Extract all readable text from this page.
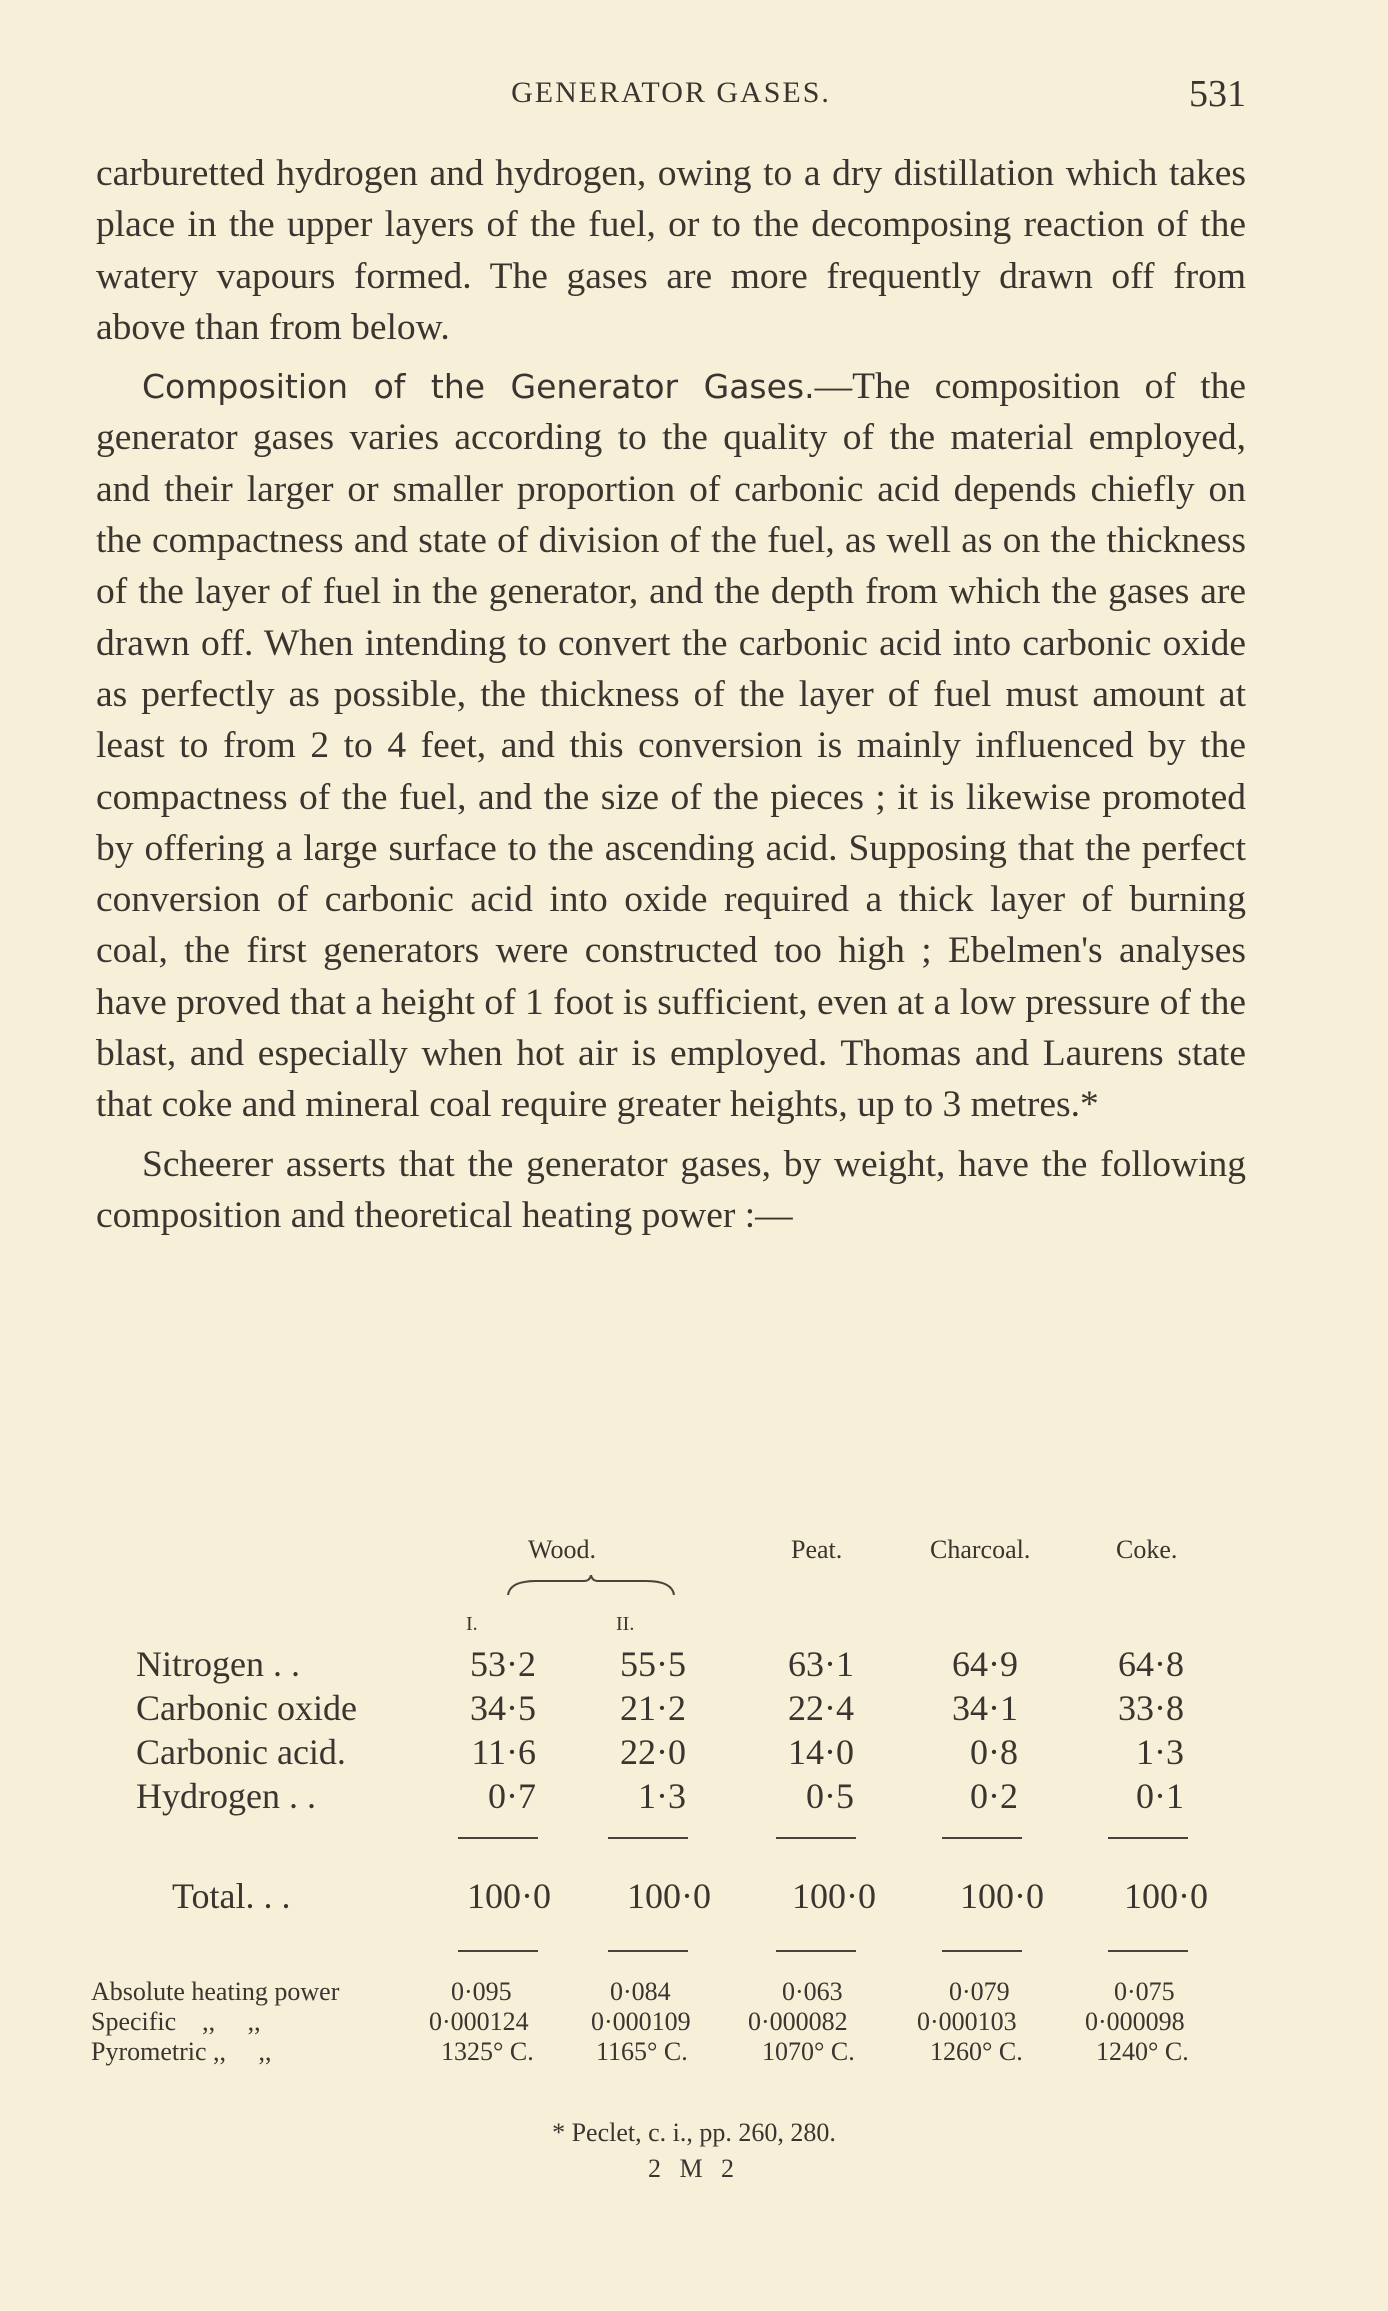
GENERATOR GASES.	531

carburetted hydrogen and hydrogen, owing to a dry distillation which takes place in the upper layers of the fuel, or to the decomposing reaction of the watery vapours formed. The gases are more frequently drawn off from above than from below.

Composition of the Generator Gases.—The composition of the generator gases varies according to the quality of the material employed, and their larger or smaller proportion of carbonic acid depends chiefly on the compactness and state of division of the fuel, as well as on the thickness of the layer of fuel in the generator, and the depth from which the gases are drawn off. When intending to convert the carbonic acid into carbonic oxide as perfectly as possible, the thickness of the layer of fuel must amount at least to from 2 to 4 feet, and this conversion is mainly influenced by the compactness of the fuel, and the size of the pieces ; it is likewise promoted by offering a large surface to the ascending acid. Supposing that the perfect conversion of carbonic acid into oxide required a thick layer of burning coal, the first generators were constructed too high ; Ebelmen's analyses have proved that a height of 1 foot is sufficient, even at a low pressure of the blast, and especially when hot air is employed. Thomas and Laurens state that coke and mineral coal require greater heights, up to 3 metres.*

Scheerer asserts that the generator gases, by weight, have the following composition and theoretical heating power :—

Wood.	Peat.	Charcoal.	Coke.
I.	II.
Nitrogen . .	53·2	55·5	63·1	64·9	64·8
Carbonic oxide	34·5	21·2	22·4	34·1	33·8
Carbonic acid.	11·6	22·0	14·0	0·8	1·3
Hydrogen . .	0·7	1·3	0·5	0·2	0·1
Total. . .	100·0	100·0	100·0	100·0	100·0
Absolute heating power	0·095	0·084	0·063	0·079	0·075
Specific    ,,     ,,	0·000124 0·000109 0·000082	0·000103	0·000098
Pyrometric ,,     ,,	1325° C. 1165° C.	1070° C.	1260° C.	1240° C.
* Peclet, c. i., pp. 260, 280.
2 M 2
